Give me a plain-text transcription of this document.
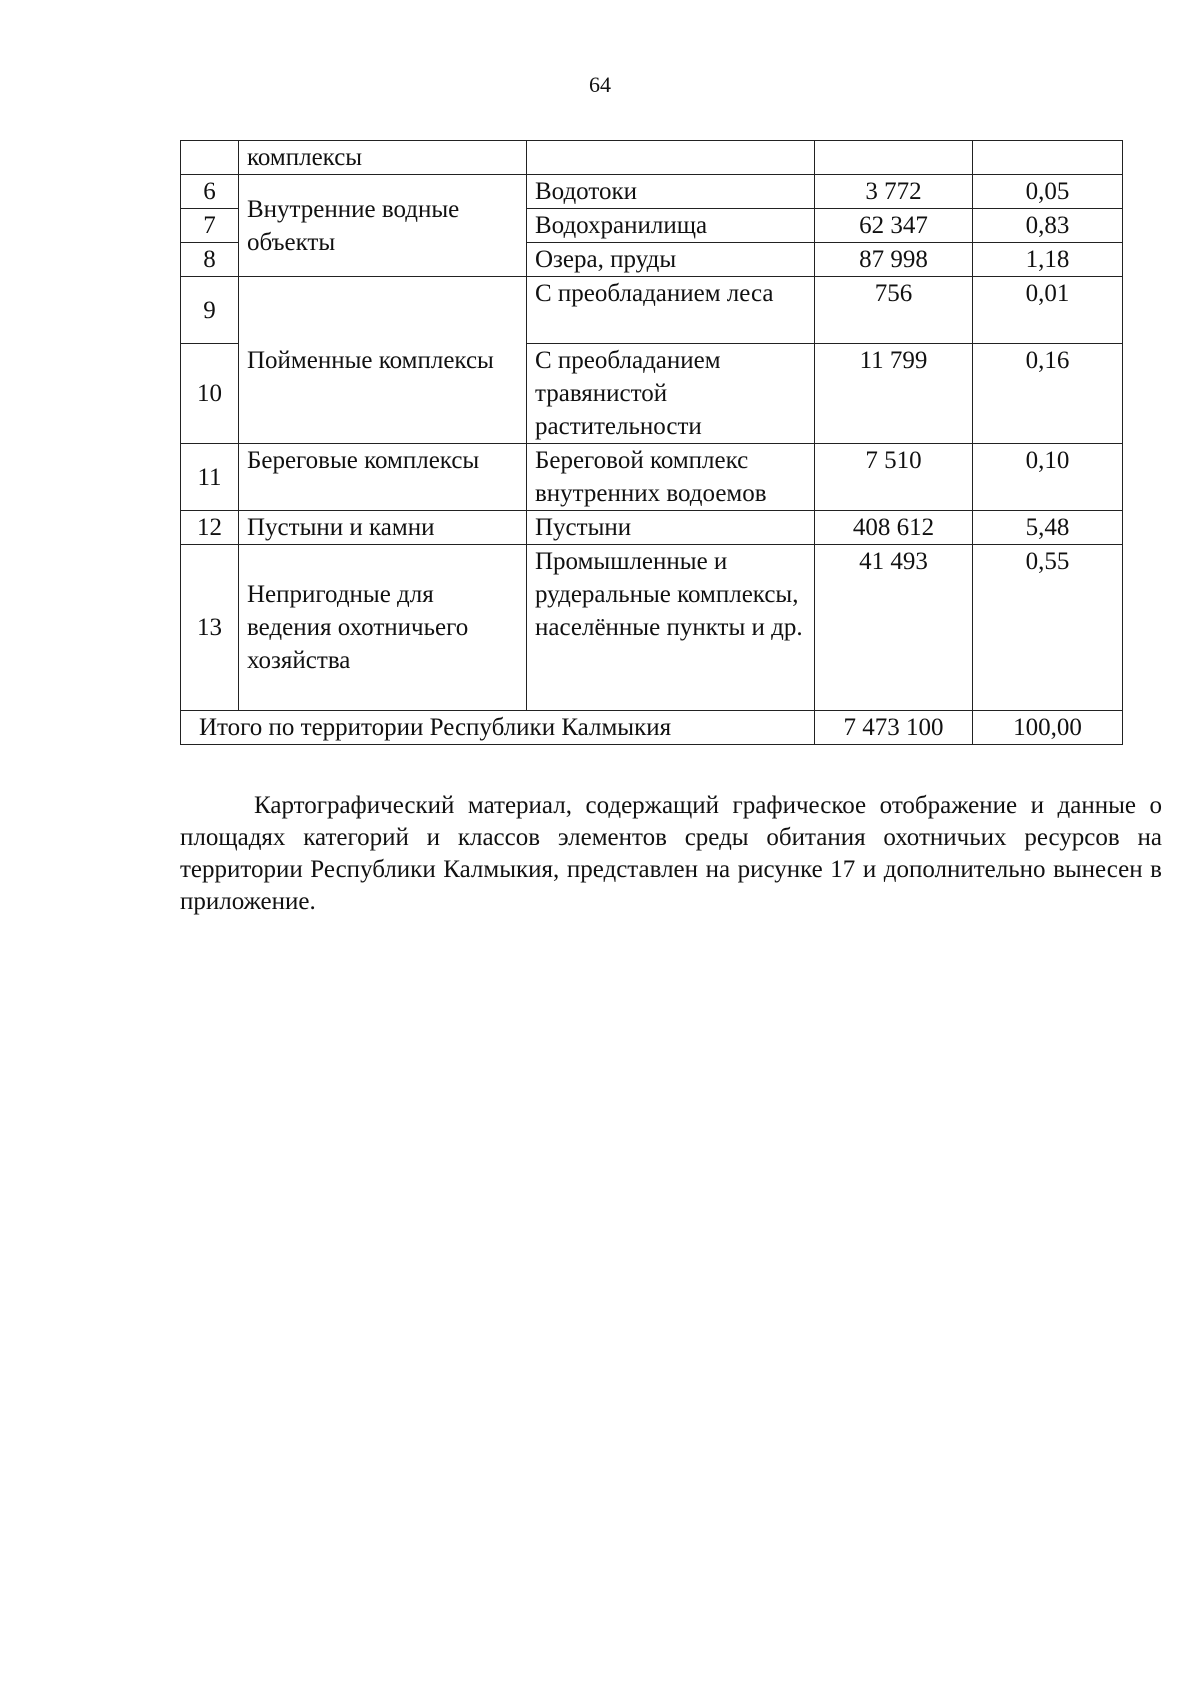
64
	комплексы			
6	Внутренние водные объекты	Водотоки	3 772	0,05
7		Водохранилища	62 347	0,83
8		Озера, пруды	87 998	1,18
9	Пойменные комплексы	С преобладанием леса	756	0,01
10		С преобладанием травянистой растительности	11 799	0,16
11	Береговые комплексы	Береговой комплекс внутренних водоемов	7 510	0,10
12	Пустыни и камни	Пустыни	408 612	5,48
13	Непригодные для ведения охотничьего хозяйства	Промышленные и рудеральные комплексы, населённые пункты и др.	41 493	0,55
Итого по территории Республики Калмыкия			7 473 100	100,00

Картографический материал, содержащий графическое отображение и данные о площадях категорий и классов элементов среды обитания охотничьих ресурсов на территории Республики Калмыкия, представлен на рисунке 17 и дополнительно вынесен в приложение.
